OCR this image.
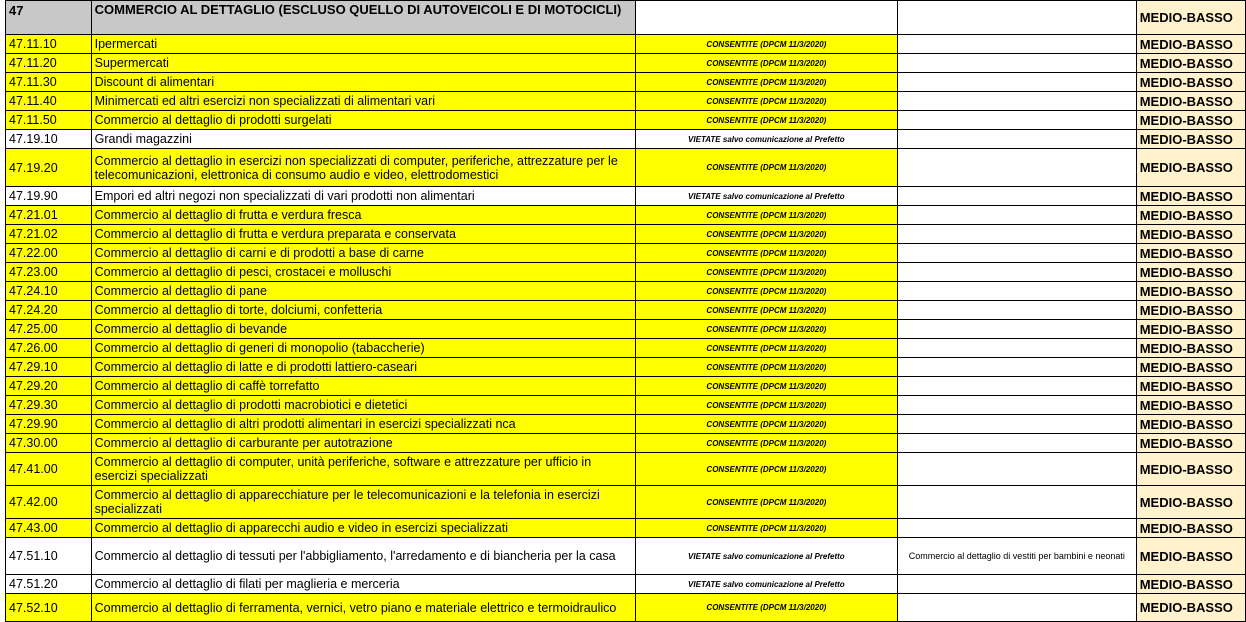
47	COMMERCIO AL DETTAGLIO (ESCLUSO QUELLO DI AUTOVEICOLI E DI MOTOCICLI)			MEDIO-BASSO
47.11.10	Ipermercati	CONSENTITE (DPCM 11/3/2020)		MEDIO-BASSO
47.11.20	Supermercati	CONSENTITE (DPCM 11/3/2020)		MEDIO-BASSO
47.11.30	Discount di alimentari	CONSENTITE (DPCM 11/3/2020)		MEDIO-BASSO
47.11.40	Minimercati ed altri esercizi non specializzati di alimentari vari	CONSENTITE (DPCM 11/3/2020)		MEDIO-BASSO
47.11.50	Commercio al dettaglio di prodotti surgelati	CONSENTITE (DPCM 11/3/2020)		MEDIO-BASSO
47.19.10	Grandi magazzini	VIETATE salvo comunicazione al Prefetto		MEDIO-BASSO
47.19.20	Commercio al dettaglio in esercizi non specializzati di computer, periferiche, attrezzature per le telecomunicazioni, elettronica di consumo audio e video, elettrodomestici	CONSENTITE (DPCM 11/3/2020)		MEDIO-BASSO
47.19.90	Empori ed altri negozi non specializzati di vari prodotti non alimentari	VIETATE salvo comunicazione al Prefetto		MEDIO-BASSO
47.21.01	Commercio al dettaglio di frutta e verdura fresca	CONSENTITE (DPCM 11/3/2020)		MEDIO-BASSO
47.21.02	Commercio al dettaglio di frutta e verdura preparata e conservata	CONSENTITE (DPCM 11/3/2020)		MEDIO-BASSO
47.22.00	Commercio al dettaglio di carni e di prodotti a base di carne	CONSENTITE (DPCM 11/3/2020)		MEDIO-BASSO
47.23.00	Commercio al dettaglio di pesci, crostacei e molluschi	CONSENTITE (DPCM 11/3/2020)		MEDIO-BASSO
47.24.10	Commercio al dettaglio di pane	CONSENTITE (DPCM 11/3/2020)		MEDIO-BASSO
47.24.20	Commercio al dettaglio di torte, dolciumi, confetteria	CONSENTITE (DPCM 11/3/2020)		MEDIO-BASSO
47.25.00	Commercio al dettaglio di bevande	CONSENTITE (DPCM 11/3/2020)		MEDIO-BASSO
47.26.00	Commercio al dettaglio di generi di monopolio (tabaccherie)	CONSENTITE (DPCM 11/3/2020)		MEDIO-BASSO
47.29.10	Commercio al dettaglio di latte e di prodotti lattiero-caseari	CONSENTITE (DPCM 11/3/2020)		MEDIO-BASSO
47.29.20	Commercio al dettaglio di caffè torrefatto	CONSENTITE (DPCM 11/3/2020)		MEDIO-BASSO
47.29.30	Commercio al dettaglio di prodotti macrobiotici e dietetici	CONSENTITE (DPCM 11/3/2020)		MEDIO-BASSO
47.29.90	Commercio al dettaglio di altri prodotti alimentari in esercizi specializzati nca	CONSENTITE (DPCM 11/3/2020)		MEDIO-BASSO
47.30.00	Commercio al dettaglio di carburante per autotrazione	CONSENTITE (DPCM 11/3/2020)		MEDIO-BASSO
47.41.00	Commercio al dettaglio di computer, unità periferiche, software e attrezzature per ufficio in esercizi specializzati	CONSENTITE (DPCM 11/3/2020)		MEDIO-BASSO
47.42.00	Commercio al dettaglio di apparecchiature per le telecomunicazioni e la telefonia in esercizi specializzati	CONSENTITE (DPCM 11/3/2020)		MEDIO-BASSO
47.43.00	Commercio al dettaglio di apparecchi audio e video in esercizi specializzati	CONSENTITE (DPCM 11/3/2020)		MEDIO-BASSO
47.51.10	Commercio al dettaglio di tessuti per l'abbigliamento, l'arredamento e di biancheria per la casa	VIETATE salvo comunicazione al Prefetto	Commercio al dettaglio di vestiti per bambini e neonati	MEDIO-BASSO
47.51.20	Commercio al dettaglio di filati per maglieria e merceria	VIETATE salvo comunicazione al Prefetto		MEDIO-BASSO
47.52.10	Commercio al dettaglio di ferramenta, vernici, vetro piano e materiale elettrico e termoidraulico	CONSENTITE (DPCM 11/3/2020)		MEDIO-BASSO
